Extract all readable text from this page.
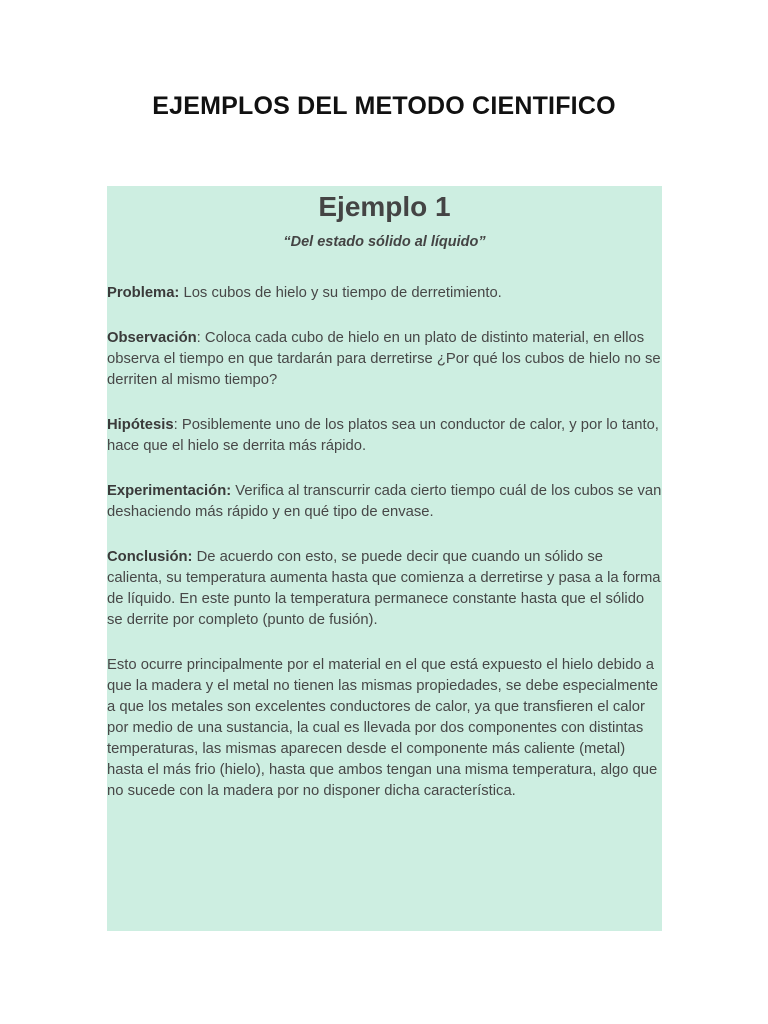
EJEMPLOS DEL METODO CIENTIFICO
Ejemplo 1

“Del estado sólido al líquido”

Problema: Los cubos de hielo y su tiempo de derretimiento.

Observación: Coloca cada cubo de hielo en un plato de distinto material, en ellos observa el tiempo en que tardarán para derretirse ¿Por qué los cubos de hielo no se derriten al mismo tiempo?

Hipótesis: Posiblemente uno de los platos sea un conductor de calor, y por lo tanto, hace que el hielo se derrita más rápido.

Experimentación: Verifica al transcurrir cada cierto tiempo cuál de los cubos se van deshaciendo más rápido y en qué tipo de envase.

Conclusión: De acuerdo con esto, se puede decir que cuando un sólido se calienta, su temperatura aumenta hasta que comienza a derretirse y pasa a la forma de líquido. En este punto la temperatura permanece constante hasta que el sólido se derrite por completo (punto de fusión).

Esto ocurre principalmente por el material en el que está expuesto el hielo debido a que la madera y el metal no tienen las mismas propiedades, se debe especialmente a que los metales son excelentes conductores de calor, ya que transfieren el calor por medio de una sustancia, la cual es llevada por dos componentes con distintas temperaturas, las mismas aparecen desde el componente más caliente (metal) hasta el más frio (hielo), hasta que ambos tengan una misma temperatura, algo que no sucede con la madera por no disponer dicha característica.
